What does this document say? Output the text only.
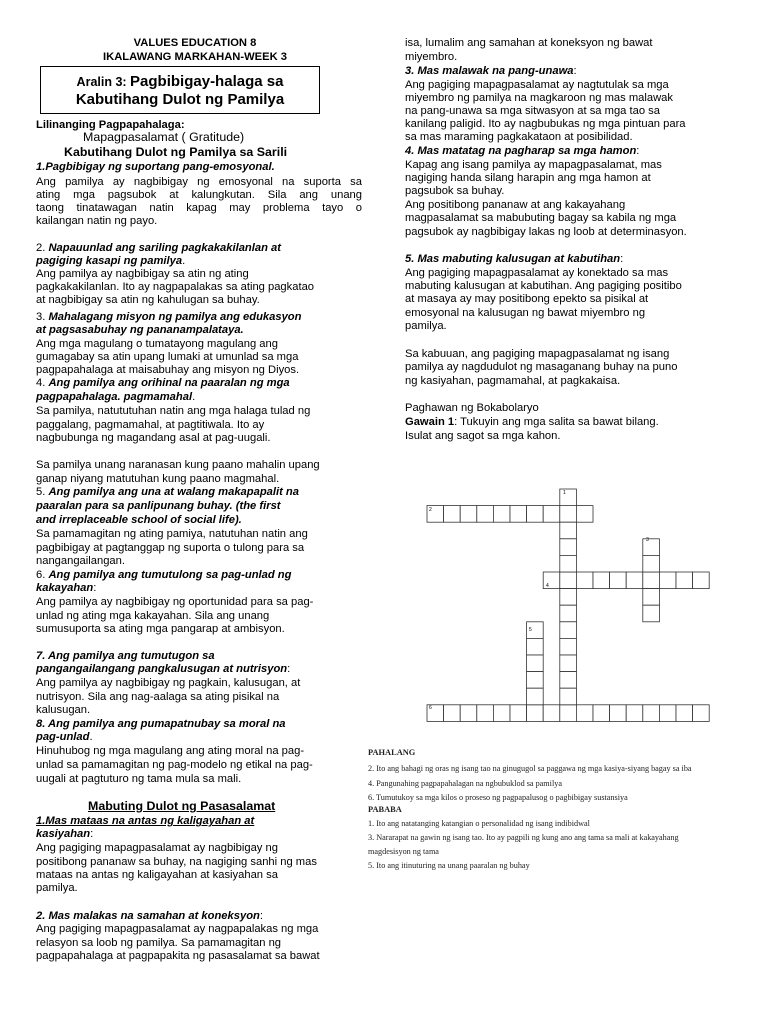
VALUES EDUCATION 8
IKALAWANG MARKAHAN-WEEK 3
Aralin 3: Pagbibigay-halaga sa
Kabutihang Dulot ng Pamilya
Lilinanging Pagpapahalaga:
Mapagpasalamat ( Gratitude)
Kabutihang Dulot ng Pamilya sa Sarili
1.Pagbibigay ng suportang pang-emosyonal.
Ang pamilya ay nagbibigay ng emosyonal na suporta sa
ating mga pagsubok at kalungkutan. Sila ang unang
taong tinatawagan natin kapag may problema tayo o
kailangan natin ng payo.
2. Napauunlad ang sariling pagkakakilanlan at
pagiging kasapi ng pamilya.
Ang pamilya ay nagbibigay sa atin ng ating
pagkakakilanlan. Ito ay nagpapalakas sa ating pagkatao
at nagbibigay sa atin ng kahulugan sa buhay.
3. Mahalagang misyon ng pamilya ang edukasyon
at pagsasabuhay ng pananampalataya.
Ang mga magulang o tumatayong magulang ang
gumagabay sa atin upang lumaki at umunlad sa mga
pagpapahalaga at maisabuhay ang misyon ng Diyos.
4. Ang pamilya ang orihinal na paaralan ng mga
pagpapahalaga. pagmamahal.
Sa pamilya, natututuhan natin ang mga halaga tulad ng
paggalang, pagmamahal, at pagtitiwala. Ito ay
nagbubunga ng magandang asal at pag-uugali.
Sa pamilya unang naranasan kung paano mahalin upang
ganap niyang matutuhan kung paano magmahal.
5. Ang pamilya ang una at walang makapapalit na
paaralan para sa panlipunang buhay. (the first
and irreplaceable school of social life).
Sa pamamagitan ng ating pamiya, natutuhan natin ang
pagbibigay at pagtanggap ng suporta o tulong para sa
nangangailangan.
6. Ang pamilya ang tumutulong sa pag-unlad ng
kakayahan:
Ang pamilya ay nagbibigay ng oportunidad para sa pag-
unlad ng ating mga kakayahan. Sila ang unang
sumusuporta sa ating mga pangarap at ambisyon.
7. Ang pamilya ang tumutugon sa
pangangailangang pangkalusugan at nutrisyon:
Ang pamilya ay nagbibigay ng pagkain, kalusugan, at
nutrisyon. Sila ang nag-aalaga sa ating pisikal na
kalusugan.
8. Ang pamilya ang pumapatnubay sa moral na
pag-unlad.
Hinuhubog ng mga magulang ang ating moral na pag-
unlad sa pamamagitan ng pag-modelo ng etikal na pag-
uugali at pagtuturo ng tama mula sa mali.
Mabuting Dulot ng Pasasalamat
1.Mas mataas na antas ng kaligayahan at
kasiyahan:
Ang pagiging mapagpasalamat ay nagbibigay ng
positibong pananaw sa buhay, na nagiging sanhi ng mas
mataas na antas ng kaligayahan at kasiyahan sa
pamilya.
2. Mas malakas na samahan at koneksyon:
Ang pagiging mapagpasalamat ay nagpapalakas ng mga
relasyon sa loob ng pamilya. Sa pamamagitan ng
pagpapahalaga at pagpapakita ng pasasalamat sa bawat
isa, lumalim ang samahan at koneksyon ng bawat
miyembro.
3. Mas malawak na pang-unawa:
Ang pagiging mapagpasalamat ay nagtutulak sa mga
miyembro ng pamilya na magkaroon ng mas malawak
na pang-unawa sa mga sitwasyon at sa mga tao sa
kanilang paligid. Ito ay nagbubukas ng mga pintuan para
sa mas maraming pagkakataon at posibilidad.
4. Mas matatag na pagharap sa mga hamon:
Kapag ang isang pamilya ay mapagpasalamat, mas
nagiging handa silang harapin ang mga hamon at
pagsubok sa buhay.
Ang positibong pananaw at ang kakayahang
magpasalamat sa mabubuting bagay sa kabila ng mga
pagsubok ay nagbibigay lakas ng loob at determinasyon.
5. Mas mabuting kalusugan at kabutihan:
Ang pagiging mapagpasalamat ay konektado sa mas
mabuting kalusugan at kabutihan. Ang pagiging positibo
at masaya ay may positibong epekto sa pisikal at
emosyonal na kalusugan ng bawat miyembro ng
pamilya.
Sa kabuuan, ang pagiging mapagpasalamat ng isang
pamilya ay nagdudulot ng masaganang buhay na puno
ng kasiyahan, pagmamahal, at pagkakaisa.
Paghawan ng Bokabolaryo
Gawain 1: Tukuyin ang mga salita sa bawat bilang.
Isulat ang sagot sa mga kahon.
1
2
3
4
5
6
PAHALANG
2. Ito ang bahagi ng oras ng isang tao na ginugugol sa paggawa ng mga kasiya-siyang bagay sa iba
4. Pangunahing pagpapahalagan na ngbubuklod sa pamilya
6. Tumutukoy sa mga kilos o proseso ng pagpapalusog o pagbibigay sustansiya
PABABA
1. Ito ang natatanging katangian o personalidad ng isang indibidwal
3. Nararapat na gawin ng isang tao. Ito ay pagpili ng kung ano ang tama sa mali at kakayahang
magdesisyon ng tama
5. Ito ang itinuturing na unang paaralan ng buhay
